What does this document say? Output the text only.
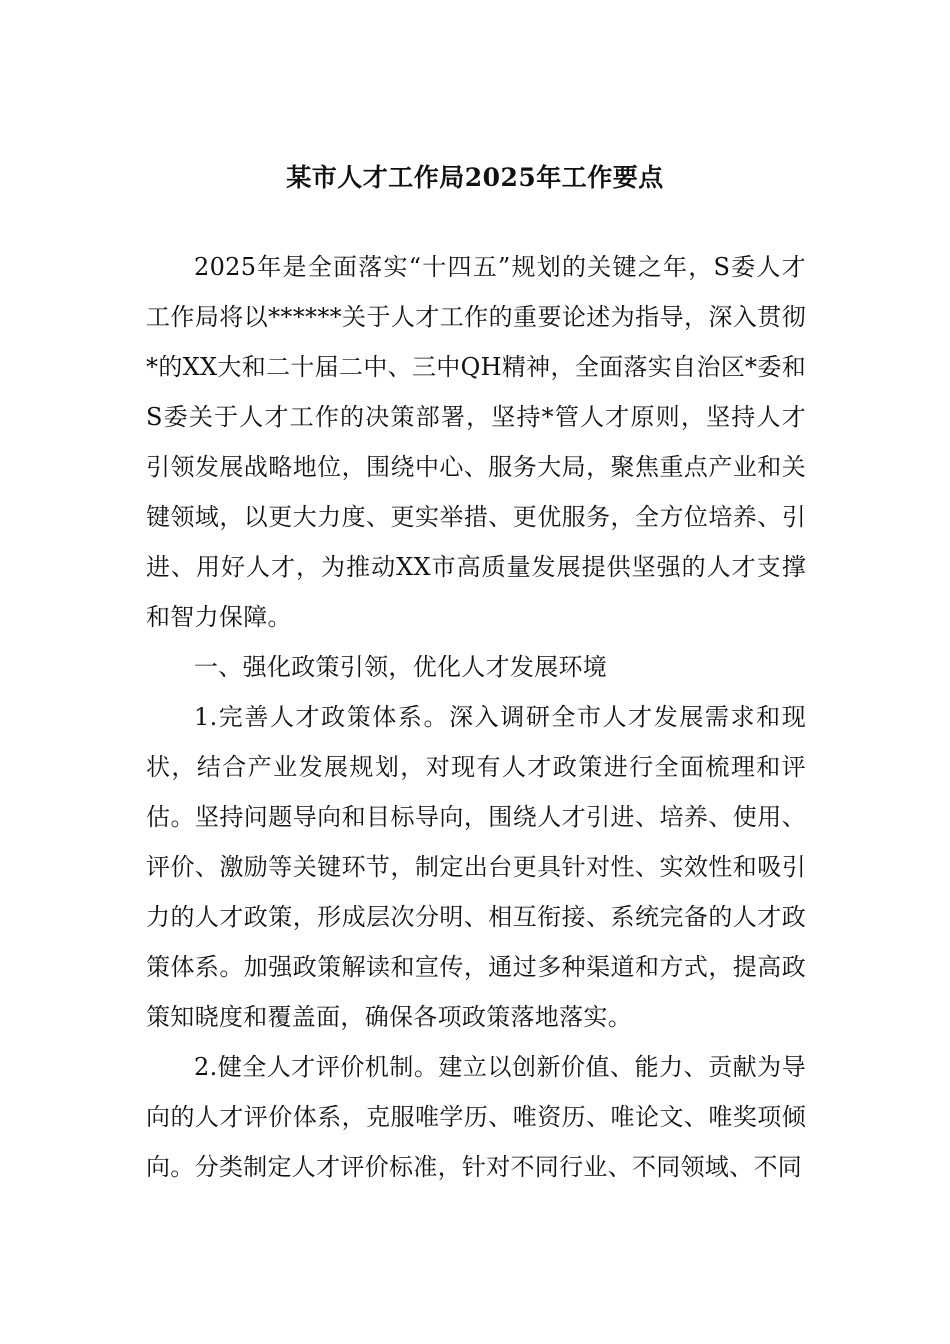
某市人才工作局2025年工作要点

2025年是全面落实“十四五”规划的关键之年，S委人才工作局将以******关于人才工作的重要论述为指导，深入贯彻*的XX大和二十届二中、三中QH精神，全面落实自治区*委和S委关于人才工作的决策部署，坚持*管人才原则，坚持人才引领发展战略地位，围绕中心、服务大局，聚焦重点产业和关键领域，以更大力度、更实举措、更优服务，全方位培养、引进、用好人才，为推动XX市高质量发展提供坚强的人才支撑和智力保障。

一、强化政策引领，优化人才发展环境

1.完善人才政策体系。深入调研全市人才发展需求和现状，结合产业发展规划，对现有人才政策进行全面梳理和评估。坚持问题导向和目标导向，围绕人才引进、培养、使用、评价、激励等关键环节，制定出台更具针对性、实效性和吸引力的人才政策，形成层次分明、相互衔接、系统完备的人才政策体系。加强政策解读和宣传，通过多种渠道和方式，提高政策知晓度和覆盖面，确保各项政策落地落实。

2.健全人才评价机制。建立以创新价值、能力、贡献为导向的人才评价体系，克服唯学历、唯资历、唯论文、唯奖项倾向。分类制定人才评价标准，针对不同行业、不同领域、不同
